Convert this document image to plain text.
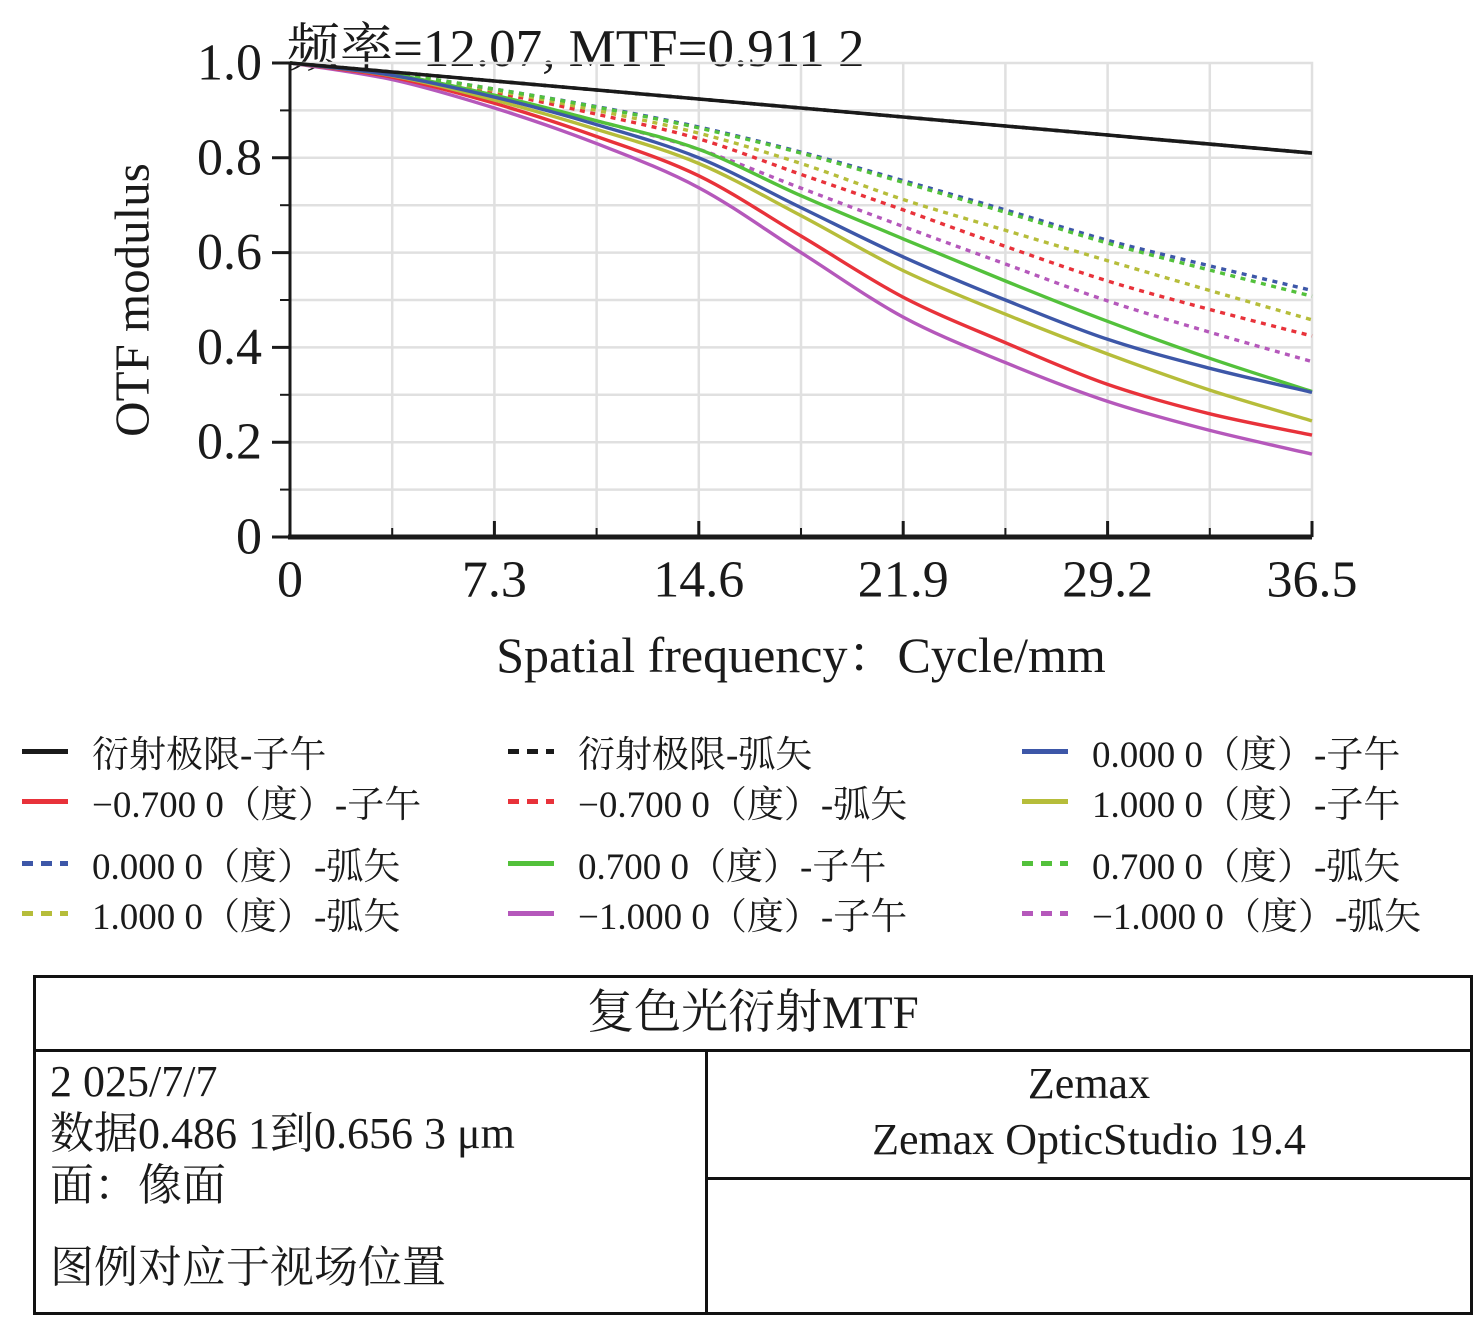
频率=12.07, MTF=0.911 2
0
0.2
0.4
0.6
0.8
1.0
0	7.3 14.6 21.9 29.2 36.5
OTF modulus
Spatial frequency：Cycle/mm
衍射极限-子午	衍射极限-弧矢	0.000 0（度）-子午
−0.700 0（度）-子午	−0.700 0（度）-弧矢	1.000 0（度）-子午
0.000 0（度）-弧矢	0.700 0（度）-子午	0.700 0（度）-弧矢
1.000 0（度）-弧矢	−1.000 0（度）-子午	−1.000 0（度）-弧矢
复色光衍射MTF
2 025/7/7
数据0.486 1到0.656 3 μm
面：像面
图例对应于视场位置
Zemax
Zemax OpticStudio 19.4
